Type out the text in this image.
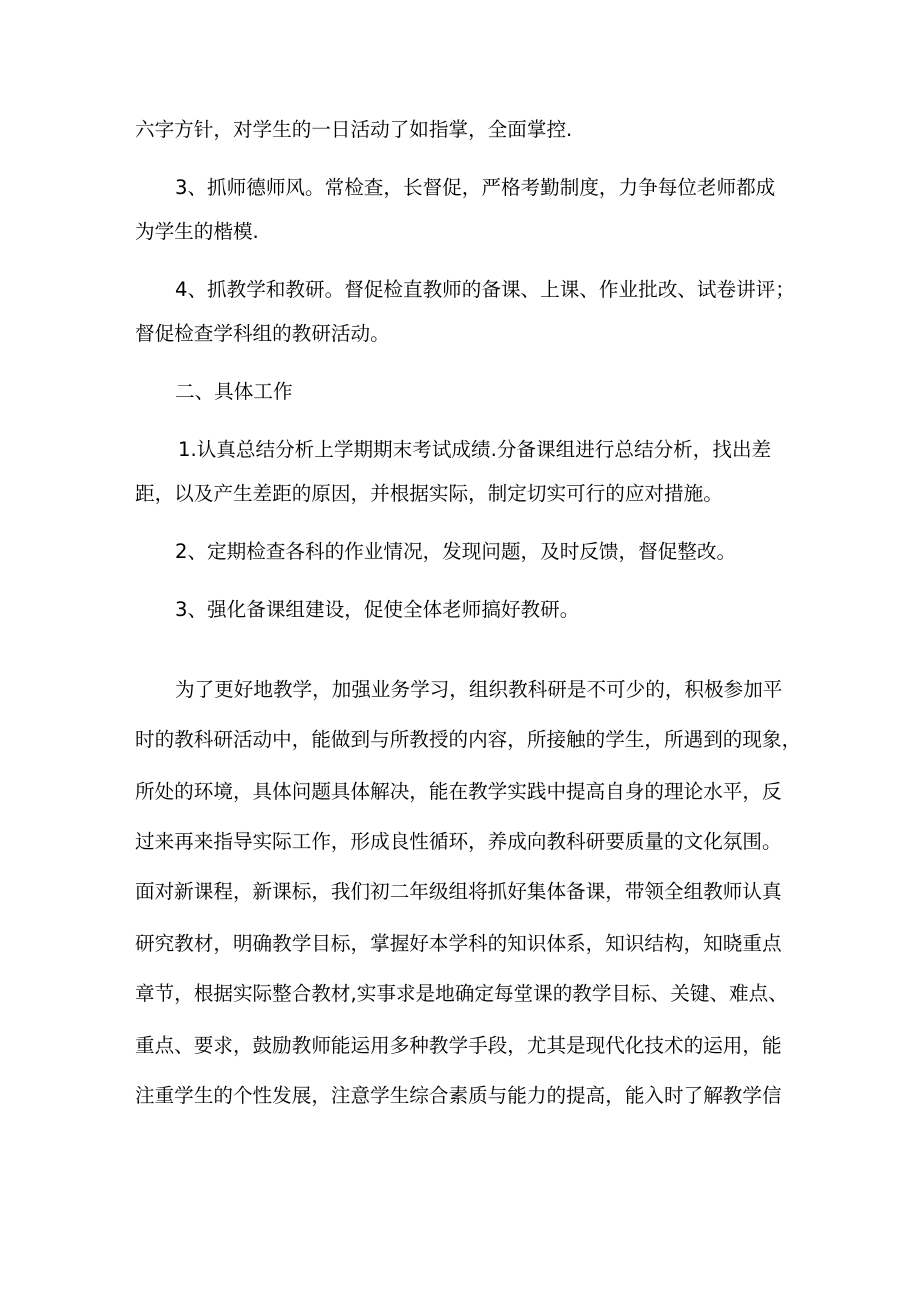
六字方针，对学生的一日活动了如指掌，全面掌控.
3、抓师德师风。常检查，长督促，严格考勤制度，力争每位老师都成
为学生的楷模.
4、抓教学和教研。督促检直教师的备课、上课、作业批改、试卷讲评；
督促检查学科组的教研活动。
二、具体工作
1.认真总结分析上学期期末考试成绩.分备课组进行总结分析，找出差
距，以及产生差距的原因，并根据实际，制定切实可行的应对措施。
2、定期检查各科的作业情况，发现问题，及时反馈，督促整改。
3、强化备课组建设，促使全体老师搞好教研。
为了更好地教学，加强业务学习，组织教科研是不可少的，积极参加平
时的教科研活动中，能做到与所教授的内容，所接触的学生，所遇到的现象，
所处的环境，具体问题具体解决，能在教学实践中提高自身的理论水平，反
过来再来指导实际工作，形成良性循环，养成向教科研要质量的文化氛围。
面对新课程，新课标，我们初二年级组将抓好集体备课，带领全组教师认真
研究教材，明确教学目标，掌握好本学科的知识体系，知识结构，知晓重点
章节，根据实际整合教材,实事求是地确定每堂课的教学目标、关键、难点、
重点、要求，鼓励教师能运用多种教学手段，尤其是现代化技术的运用，能
注重学生的个性发展，注意学生综合素质与能力的提高，能入时了解教学信
